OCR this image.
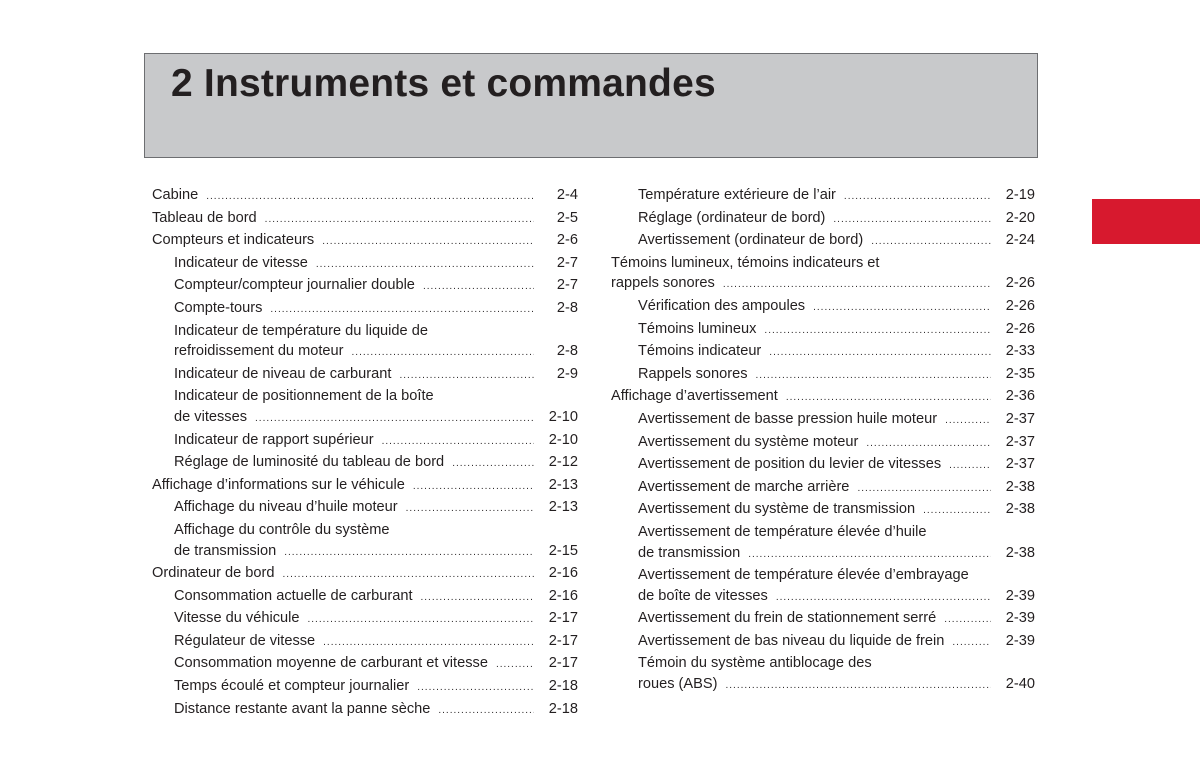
2 Instruments et commandes
Cabine .....	2-4
Tableau de bord .....	2-5
Compteurs et indicateurs .....	2-6
Indicateur de vitesse .....	2-7
Compteur/compteur journalier double .....	2-7
Compte-tours .....	2-8
Indicateur de température du liquide de
refroidissement du moteur .....	2-8
Indicateur de niveau de carburant .....	2-9
Indicateur de positionnement de la boîte
de vitesses .....	2-10
Indicateur de rapport supérieur .....	2-10
Réglage de luminosité du tableau de bord .....	2-12
Affichage d’informations sur le véhicule .....	2-13
Affichage du niveau d’huile moteur .....	2-13
Affichage du contrôle du système
de transmission .....	2-15
Ordinateur de bord .....	2-16
Consommation actuelle de carburant .....	2-16
Vitesse du véhicule .....	2-17
Régulateur de vitesse .....	2-17
Consommation moyenne de carburant et vitesse .....	2-17
Temps écoulé et compteur journalier .....	2-18
Distance restante avant la panne sèche .....	2-18
Température extérieure de l’air .....	2-19
Réglage (ordinateur de bord) .....	2-20
Avertissement (ordinateur de bord) .....	2-24
Témoins lumineux, témoins indicateurs et
rappels sonores .....	2-26
Vérification des ampoules .....	2-26
Témoins lumineux .....	2-26
Témoins indicateur .....	2-33
Rappels sonores .....	2-35
Affichage d’avertissement .....	2-36
Avertissement de basse pression huile moteur .....	2-37
Avertissement du système moteur .....	2-37
Avertissement de position du levier de vitesses .....	2-37
Avertissement de marche arrière .....	2-38
Avertissement du système de transmission .....	2-38
Avertissement de température élevée d’huile
de transmission .....	2-38
Avertissement de température élevée d’embrayage
de boîte de vitesses .....	2-39
Avertissement du frein de stationnement serré .....	2-39
Avertissement de bas niveau du liquide de frein .....	2-39
Témoin du système antiblocage des
roues (ABS) .....	2-40
